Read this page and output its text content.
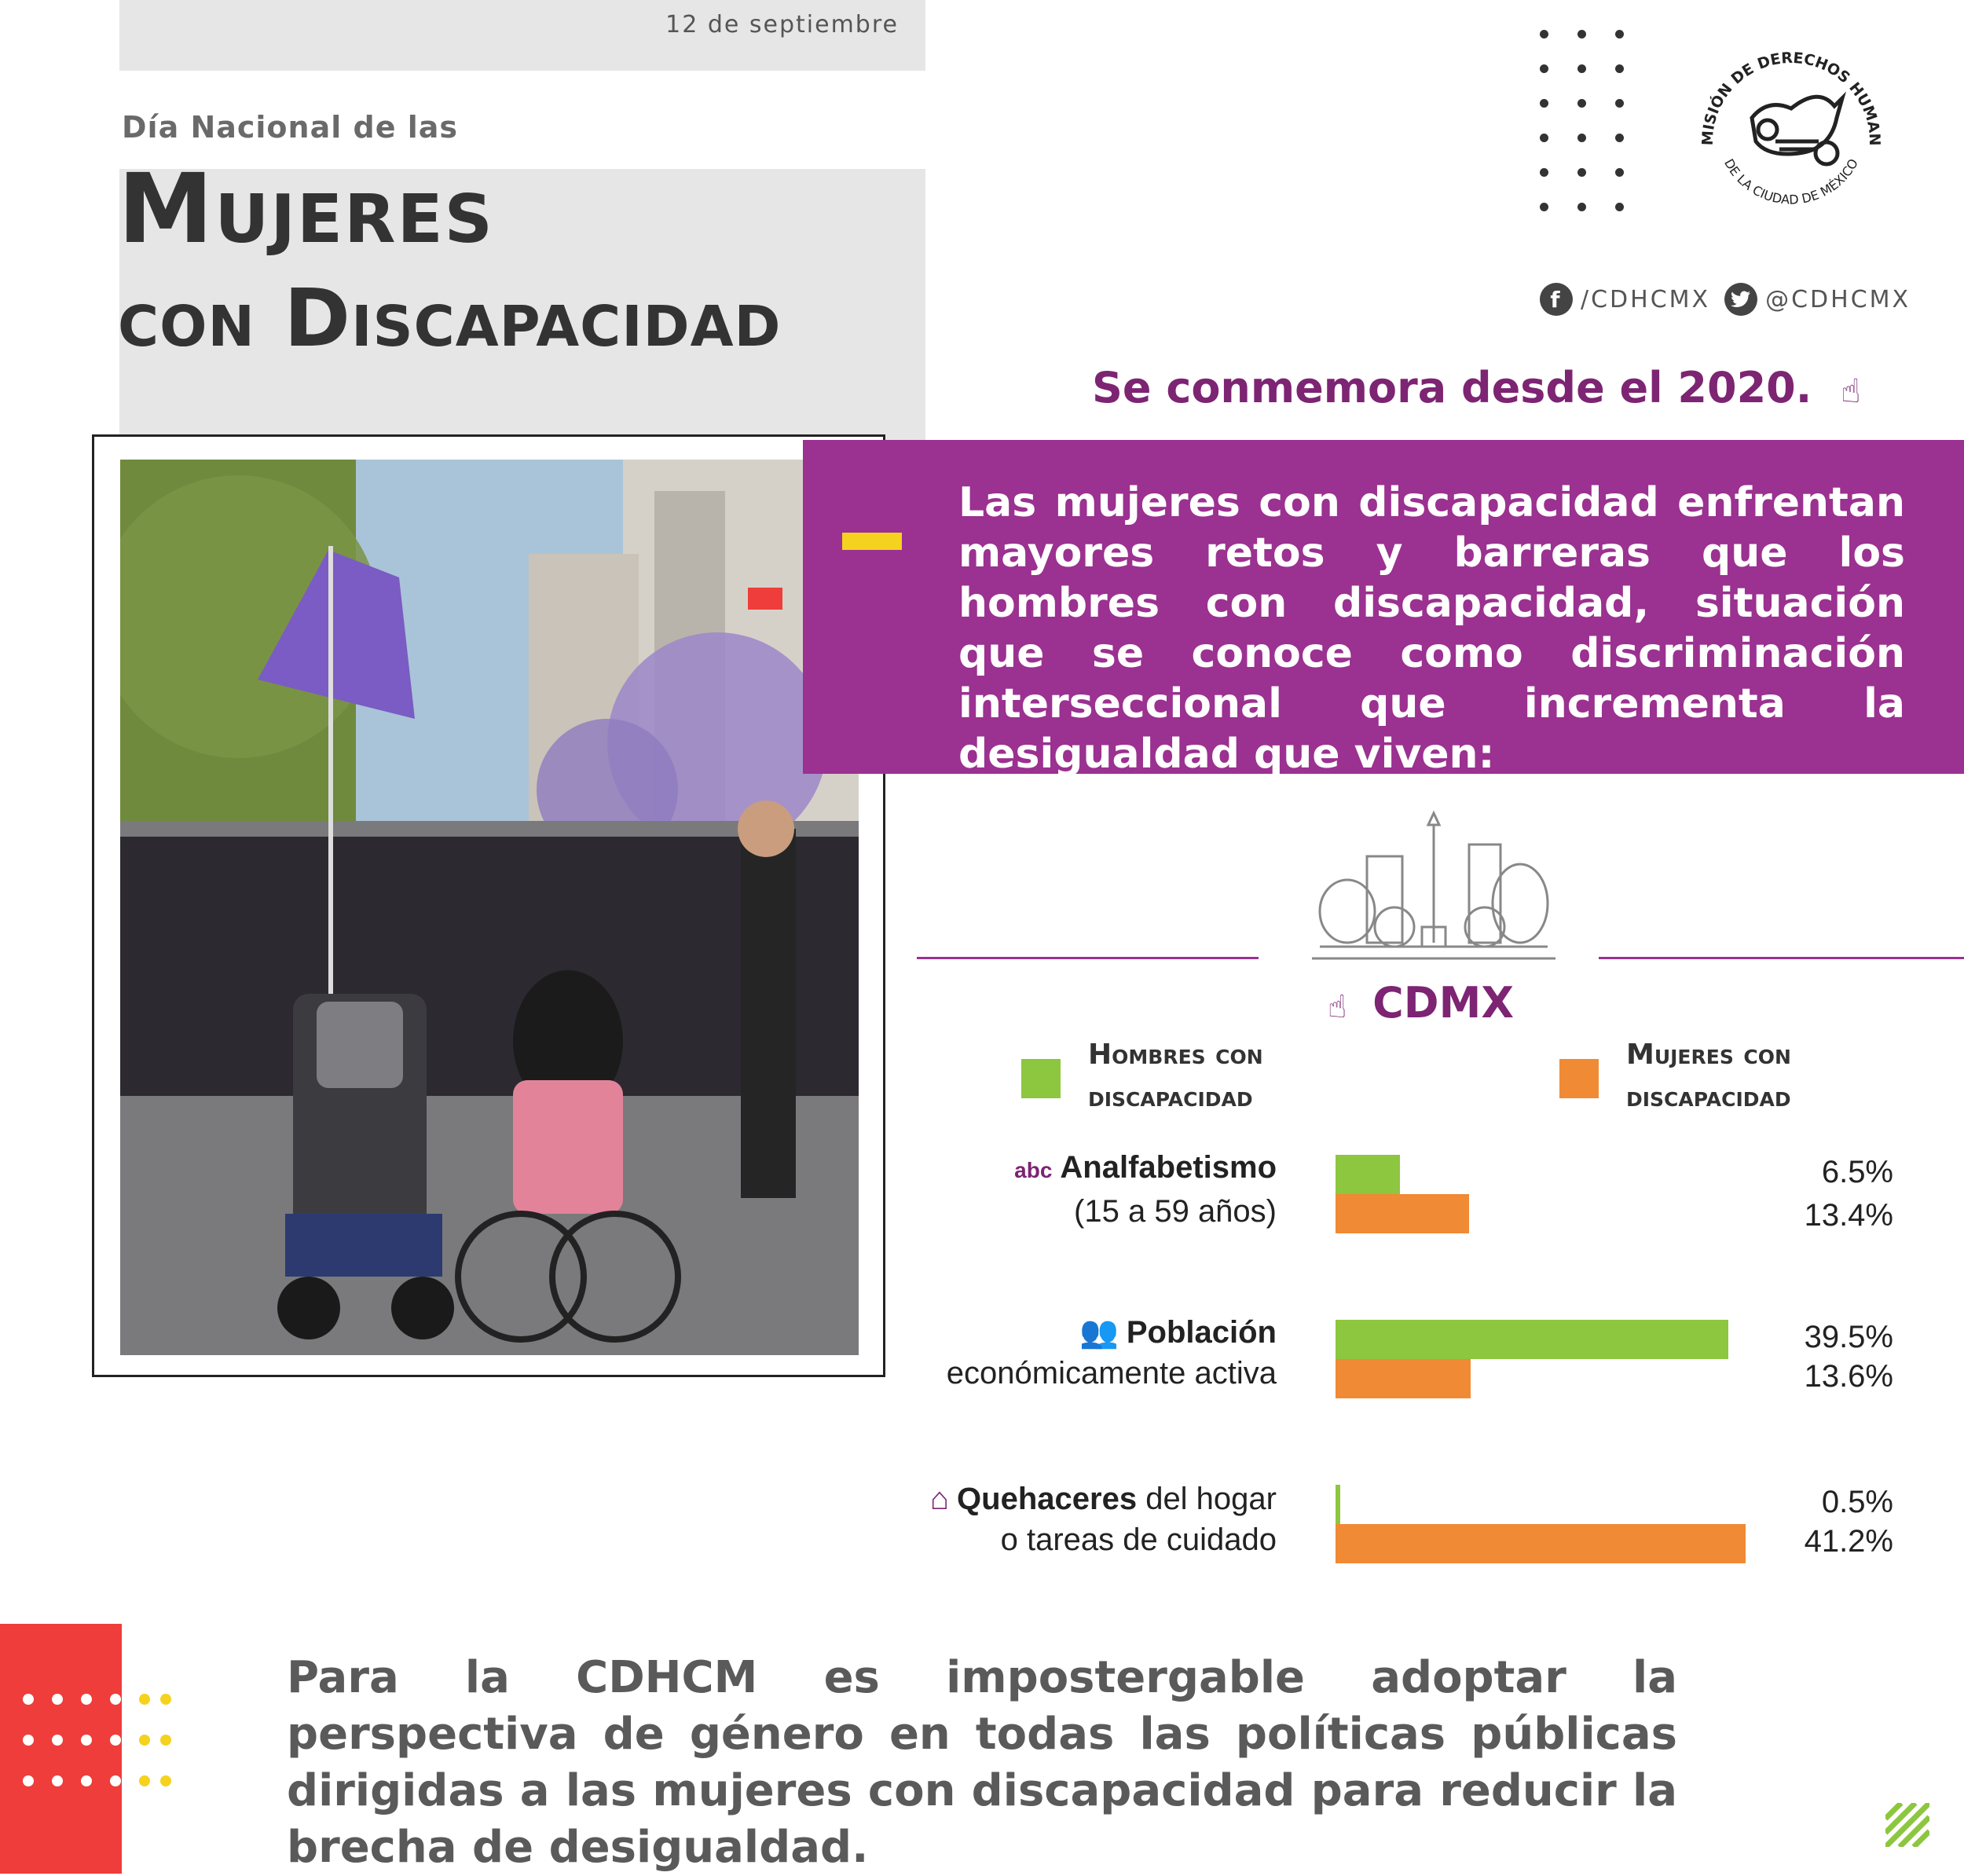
12 de septiembre
Día Nacional de las
Mujeres
con Discapacidad
MISIÓN DE DERECHOS HUMAN
DE LA CIUDAD DE MÉXICO
f /CDHCMX @CDHCMX
Se conmemora desde el 2020. ☝
Las mujeres con discapacidad enfrentan mayores retos y barreras que los hombres con discapacidad, situación que se conoce como discriminación interseccional que incrementa la desigualdad que viven:
☝ CDMX
Hombres con discapacidad
Mujeres con discapacidad
abc Analfabetismo
(15 a 59 años)
👥 Población
económicamente activa
⌂ Quehaceres del hogar
o tareas de cuidado
6.5%
13.4%
39.5%
13.6%
0.5%
41.2%
Para la CDHCM es impostergable adoptar la perspectiva de género en todas las políticas públicas dirigidas a las mujeres con discapacidad para reducir la brecha de desigualdad.
